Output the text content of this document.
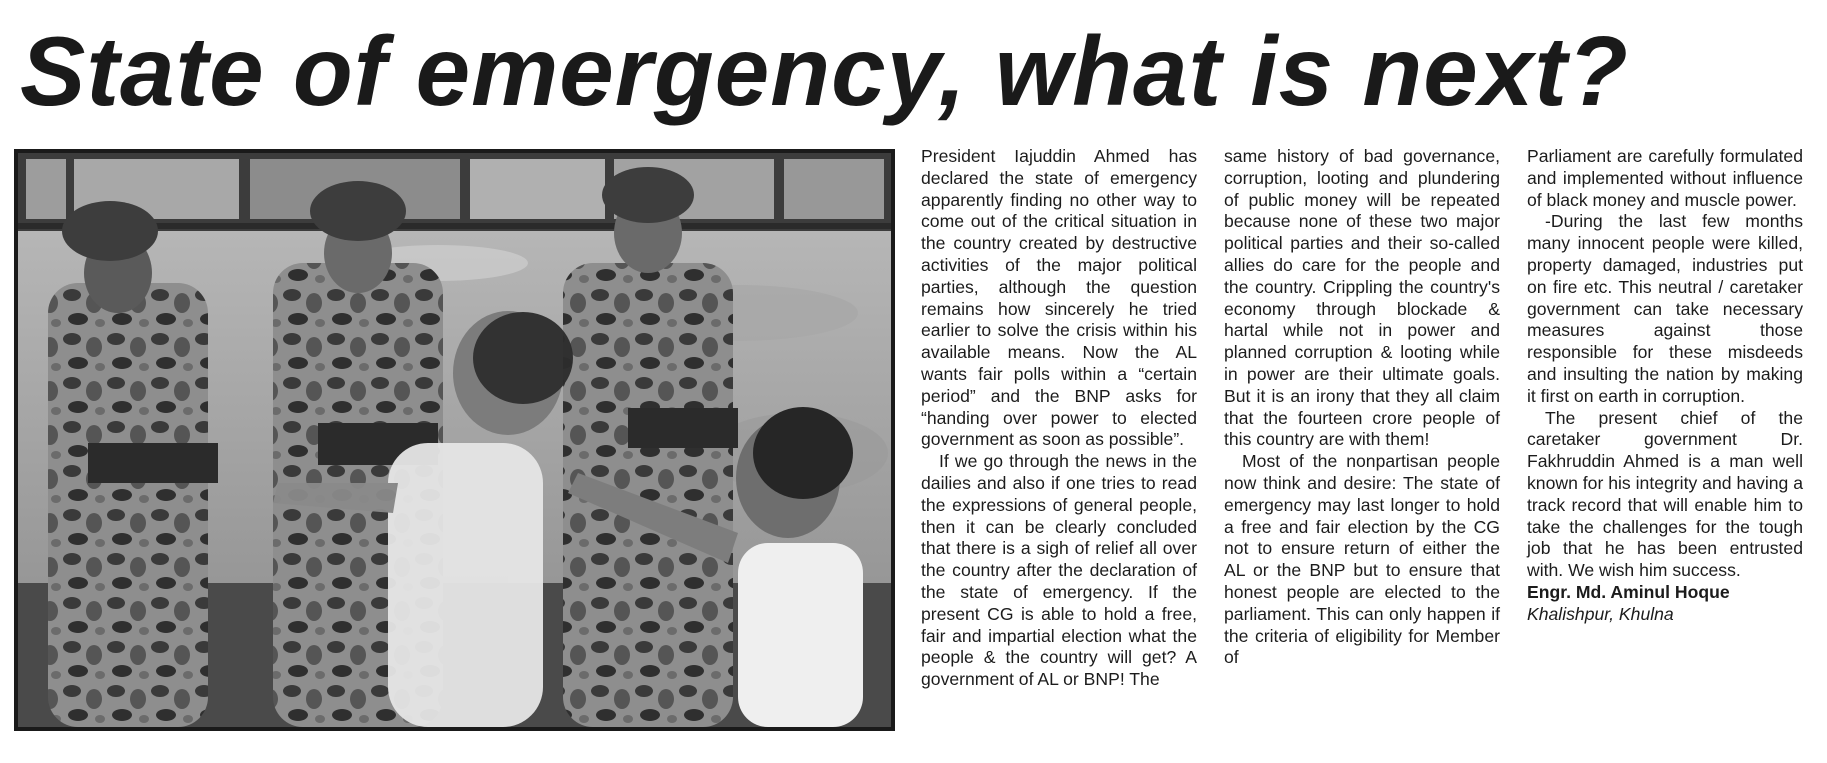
State of emergency, what is next?

President Iajuddin Ahmed has declared the state of emergency apparently finding no other way to come out of the critical situation in the country created by destructive activities of the major political parties, although the question remains how sincerely he tried earlier to solve the crisis within his available means. Now the AL wants fair polls within a “certain period” and the BNP asks for “handing over power to elected government as soon as possible”.

If we go through the news in the dailies and also if one tries to read the expressions of general people, then it can be clearly concluded that there is a sigh of relief all over the country after the declaration of the state of emergency. If the present CG is able to hold a free, fair and impartial election what the people & the country will get? A government of AL or BNP! The

same history of bad governance, corruption, looting and plundering of public money will be repeated because none of these two major political parties and their so-called allies do care for the people and the country. Crippling the country's economy through blockade & hartal while not in power and planned corruption & looting while in power are their ultimate goals. But it is an irony that they all claim that the fourteen crore people of this country are with them!

Most of the nonpartisan people now think and desire: The state of emergency may last longer to hold a free and fair election by the CG not to ensure return of either the AL or the BNP but to ensure that honest people are elected to the parliament. This can only happen if the criteria of eligibility for Member of

Parliament are carefully formulated and implemented without influence of black money and muscle power.

-During the last few months many innocent people were killed, property damaged, industries put on fire etc. This neutral / caretaker government can take necessary measures against those responsible for these misdeeds and insulting the nation by making it first on earth in corruption.

The present chief of the caretaker government Dr. Fakhruddin Ahmed is a man well known for his integrity and having a track record that will enable him to take the challenges for the tough job that he has been entrusted with. We wish him success.

Engr. Md. Aminul Hoque

Khalishpur, Khulna
